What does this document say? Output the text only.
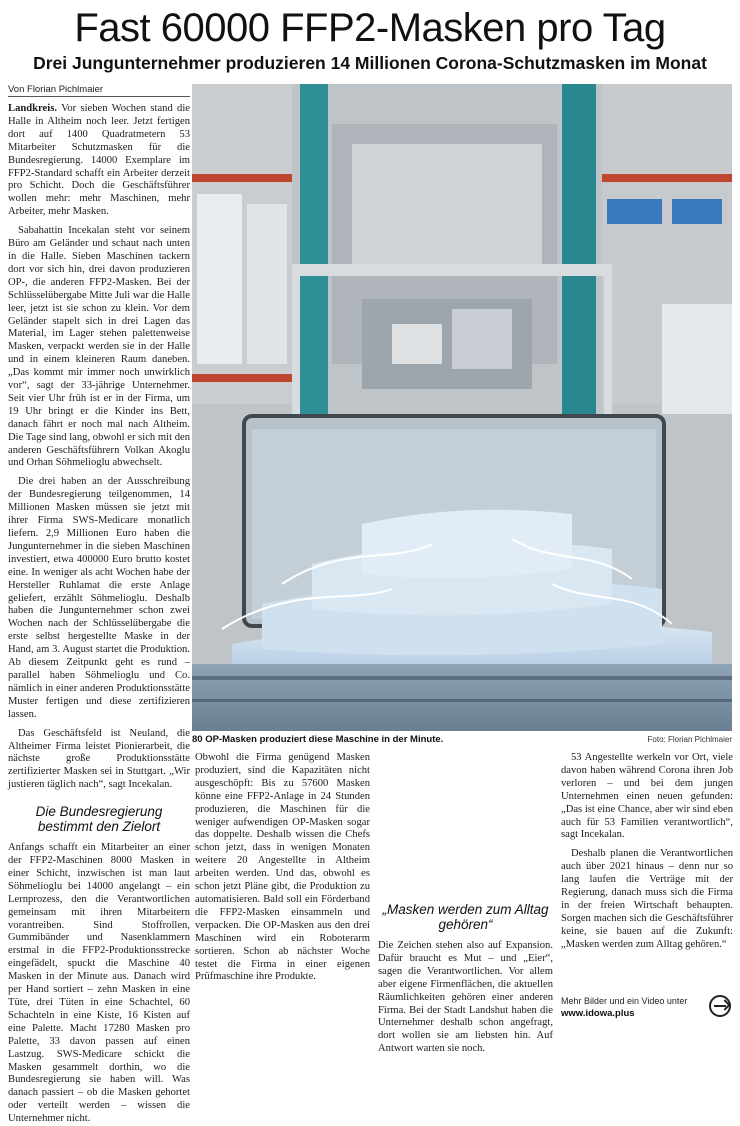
Fast 60000 FFP2-Masken pro Tag
Drei Jungunternehmer produzieren 14 Millionen Corona-Schutzmasken im Monat
Von Florian Pichlmaier

Landkreis. Vor sieben Wochen stand die Halle in Altheim noch leer. Jetzt fertigen dort auf 1400 Quadratmetern 53 Mitarbeiter Schutzmasken für die Bundesregierung. 14000 Exemplare im FFP2-Standard schafft ein Arbeiter derzeit pro Schicht. Doch die Geschäftsführer wollen mehr: mehr Maschinen, mehr Arbeiter, mehr Masken.

Sabahattin Incekalan steht vor seinem Büro am Geländer und schaut nach unten in die Halle. Sieben Maschinen tackern dort vor sich hin, drei davon produzieren OP-, die anderen FFP2-Masken. Bei der Schlüsselübergabe Mitte Juli war die Halle leer, jetzt ist sie schon zu klein. Vor dem Geländer stapelt sich in drei Lagen das Material, im Lager stehen palettenweise Masken, verpackt werden sie in der Halle und in einem kleineren Raum daneben. „Das kommt mir immer noch unwirklich vor“, sagt der 33-jährige Unternehmer. Seit vier Uhr früh ist er in der Firma, um 19 Uhr bringt er die Kinder ins Bett, danach fährt er noch mal nach Altheim. Die Tage sind lang, obwohl er sich mit den anderen Geschäftsführern Volkan Akoglu und Orhan Söhmelioglu abwechselt.

Die drei haben an der Ausschreibung der Bundesregierung teilgenommen, 14 Millionen Masken müssen sie jetzt mit ihrer Firma SWS-Medicare monatlich liefern. 2,9 Millionen Euro haben die Jungunternehmer in die sieben Maschinen investiert, etwa 400000 Euro brutto kostet eine. In weniger als acht Wochen habe der Hersteller Ruhlamat die erste Anlage geliefert, erzählt Söhmelioglu. Deshalb haben die Jungunternehmer schon zwei Wochen nach der Schlüsselübergabe die erste selbst hergestellte Maske in der Hand, am 3. August startet die Produktion. Ab diesem Zeitpunkt geht es rund – parallel haben Söhmelioglu und Co. nämlich in einer anderen Produktionsstätte Muster fertigen und diese zertifizieren lassen.

Das Geschäftsfeld ist Neuland, die Altheimer Firma leistet Pionierarbeit, die nächste große Produktionsstätte zertifizierter Masken sei in Stuttgart. „Wir justieren täglich nach“, sagt Incekalan.

Die Bundesregierung bestimmt den Zielort

Anfangs schafft ein Mitarbeiter an einer der FFP2-Maschinen 8000 Masken in einer Schicht, inzwischen ist man laut Söhmelioglu bei 14000 angelangt – ein Lernprozess, den die Verantwortlichen gemeinsam mit ihren Mitarbeitern vorantreiben. Sind Stoffrollen, Gummibänder und Nasenklammern erstmal in die FFP2-Produktionsstrecke eingefädelt, spuckt die Maschine 40 Masken in der Minute aus. Danach wird per Hand sortiert – zehn Masken in eine Tüte, drei Tüten in eine Schachtel, 60 Schachteln in eine Kiste, 16 Kisten auf eine Palette. Macht 17280 Masken pro Palette, 33 davon passen auf einen Lastzug. SWS-Medicare schickt die Masken gesammelt dorthin, wo die Bundesregierung sie haben will. Was danach passiert – ob die Masken gehortet oder verteilt werden – wissen die Unternehmer nicht.

80 OP-Masken produziert diese Maschine in der Minute.	Foto: Florian Pichlmaier

Obwohl die Firma genügend Masken produziert, sind die Kapazitäten nicht ausgeschöpft: Bis zu 57600 Masken könne eine FFP2-Anlage in 24 Stunden produzieren, die Maschinen für die weniger aufwendigen OP-Masken sogar das doppelte. Deshalb wissen die Chefs schon jetzt, dass in wenigen Monaten weitere 20 Angestellte in Altheim arbeiten werden. Und das, obwohl es schon jetzt Pläne gibt, die Produktion zu automatisieren. Bald soll ein Förderband die FFP2-Masken einsammeln und verpacken. Die OP-Masken aus den drei Maschinen wird ein Roboterarm sortieren. Schon ab nächster Woche testet die Firma in einer eigenen Prüfmaschine ihre Produkte.

„Masken werden zum Alltag gehören“

Die Zeichen stehen also auf Expansion. Dafür braucht es Mut – und „Eier“, sagen die Verantwortlichen. Vor allem aber eigene Firmenflächen, die aktuellen Räumlichkeiten gehören einer anderen Firma. Bei der Stadt Landshut haben die Unternehmer deshalb schon angefragt, dort wollen sie am liebsten hin. Auf Antwort warten sie noch.

53 Angestellte werkeln vor Ort, viele davon haben während Corona ihren Job verloren – und bei dem jungen Unternehmen einen neuen gefunden: „Das ist eine Chance, aber wir sind eben auch für 53 Familien verantwortlich“, sagt Incekalan.

Deshalb planen die Verantwortlichen auch über 2021 hinaus – denn nur so lang laufen die Verträge mit der Regierung, danach muss sich die Firma in der freien Wirtschaft behaupten. Sorgen machen sich die Geschäftsführer keine, sie bauen auf die Zukunft: „Masken werden zum Alltag gehören.“

Mehr Bilder und ein Video unter
www.idowa.plus
